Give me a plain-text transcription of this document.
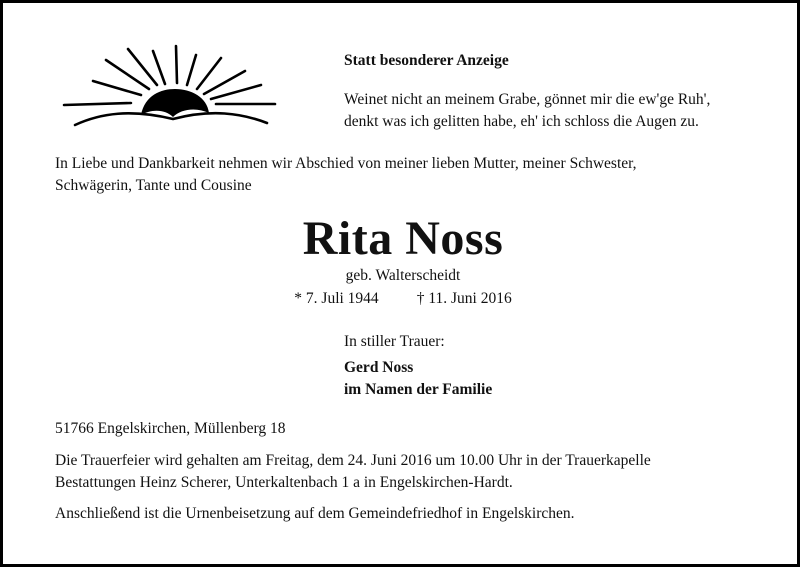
Statt besonderer Anzeige
Weinet nicht an meinem Grabe, gönnet mir die ew'ge Ruh',
denkt was ich gelitten habe, eh' ich schloss die Augen zu.
In Liebe und Dankbarkeit nehmen wir Abschied von meiner lieben Mutter, meiner Schwester,
Schwägerin, Tante und Cousine
Rita Noss
geb. Walterscheidt
* 7. Juli 1944 † 11. Juni 2016
In stiller Trauer:
Gerd Noss
im Namen der Familie
51766 Engelskirchen, Müllenberg 18
Die Trauerfeier wird gehalten am Freitag, dem 24. Juni 2016 um 10.00 Uhr in der Trauerkapelle
Bestattungen Heinz Scherer, Unterkaltenbach 1 a in Engelskirchen-Hardt.
Anschließend ist die Urnenbeisetzung auf dem Gemeindefriedhof in Engelskirchen.
